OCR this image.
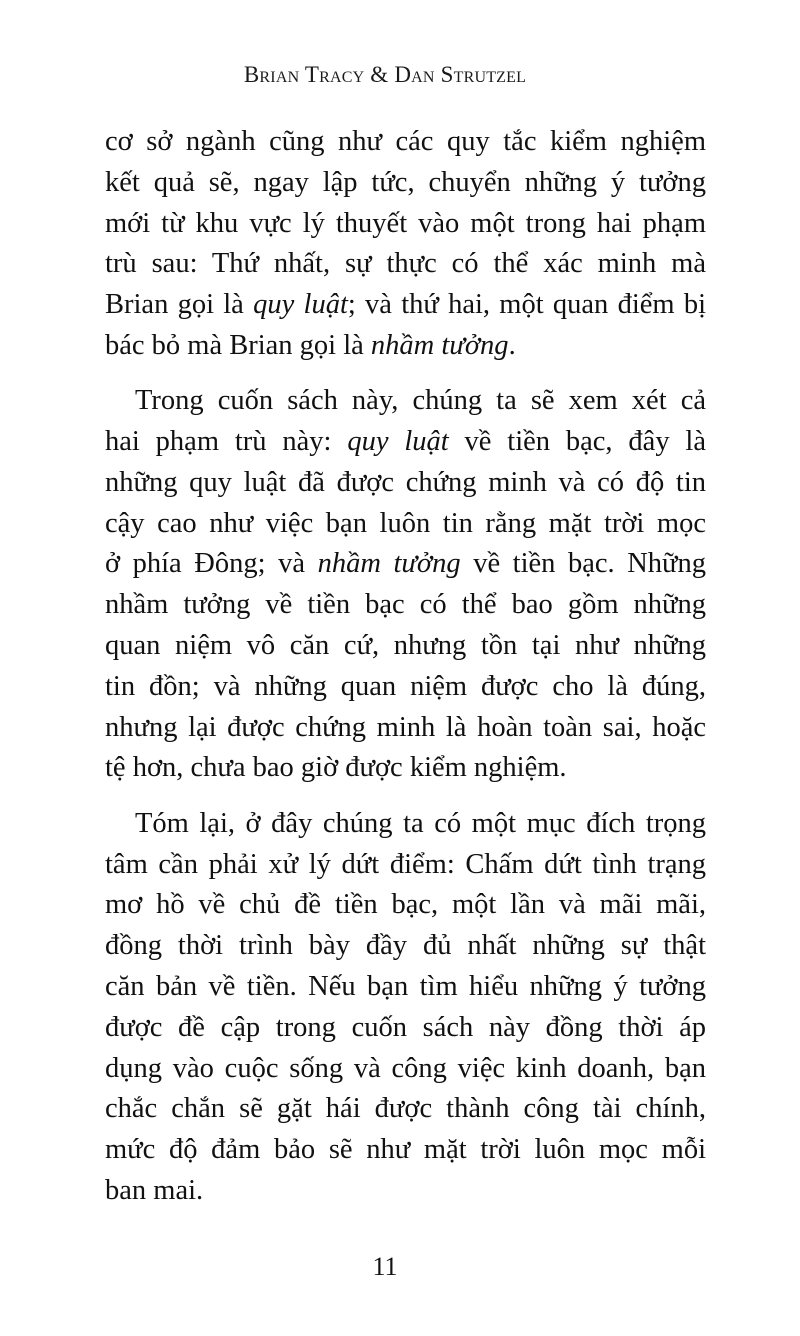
Brian Tracy & Dan Strutzel
cơ sở ngành cũng như các quy tắc kiểm nghiệm
kết quả sẽ, ngay lập tức, chuyển những ý tưởng
mới từ khu vực lý thuyết vào một trong hai phạm
trù sau: Thứ nhất, sự thực có thể xác minh mà
Brian gọi là quy luật; và thứ hai, một quan điểm bị
bác bỏ mà Brian gọi là nhầm tưởng.
Trong cuốn sách này, chúng ta sẽ xem xét cả
hai phạm trù này: quy luật về tiền bạc, đây là
những quy luật đã được chứng minh và có độ tin
cậy cao như việc bạn luôn tin rằng mặt trời mọc
ở phía Đông; và nhầm tưởng về tiền bạc. Những
nhầm tưởng về tiền bạc có thể bao gồm những
quan niệm vô căn cứ, nhưng tồn tại như những
tin đồn; và những quan niệm được cho là đúng,
nhưng lại được chứng minh là hoàn toàn sai, hoặc
tệ hơn, chưa bao giờ được kiểm nghiệm.
Tóm lại, ở đây chúng ta có một mục đích trọng
tâm cần phải xử lý dứt điểm: Chấm dứt tình trạng
mơ hồ về chủ đề tiền bạc, một lần và mãi mãi,
đồng thời trình bày đầy đủ nhất những sự thật
căn bản về tiền. Nếu bạn tìm hiểu những ý tưởng
được đề cập trong cuốn sách này đồng thời áp
dụng vào cuộc sống và công việc kinh doanh, bạn
chắc chắn sẽ gặt hái được thành công tài chính,
mức độ đảm bảo sẽ như mặt trời luôn mọc mỗi
ban mai.
11
